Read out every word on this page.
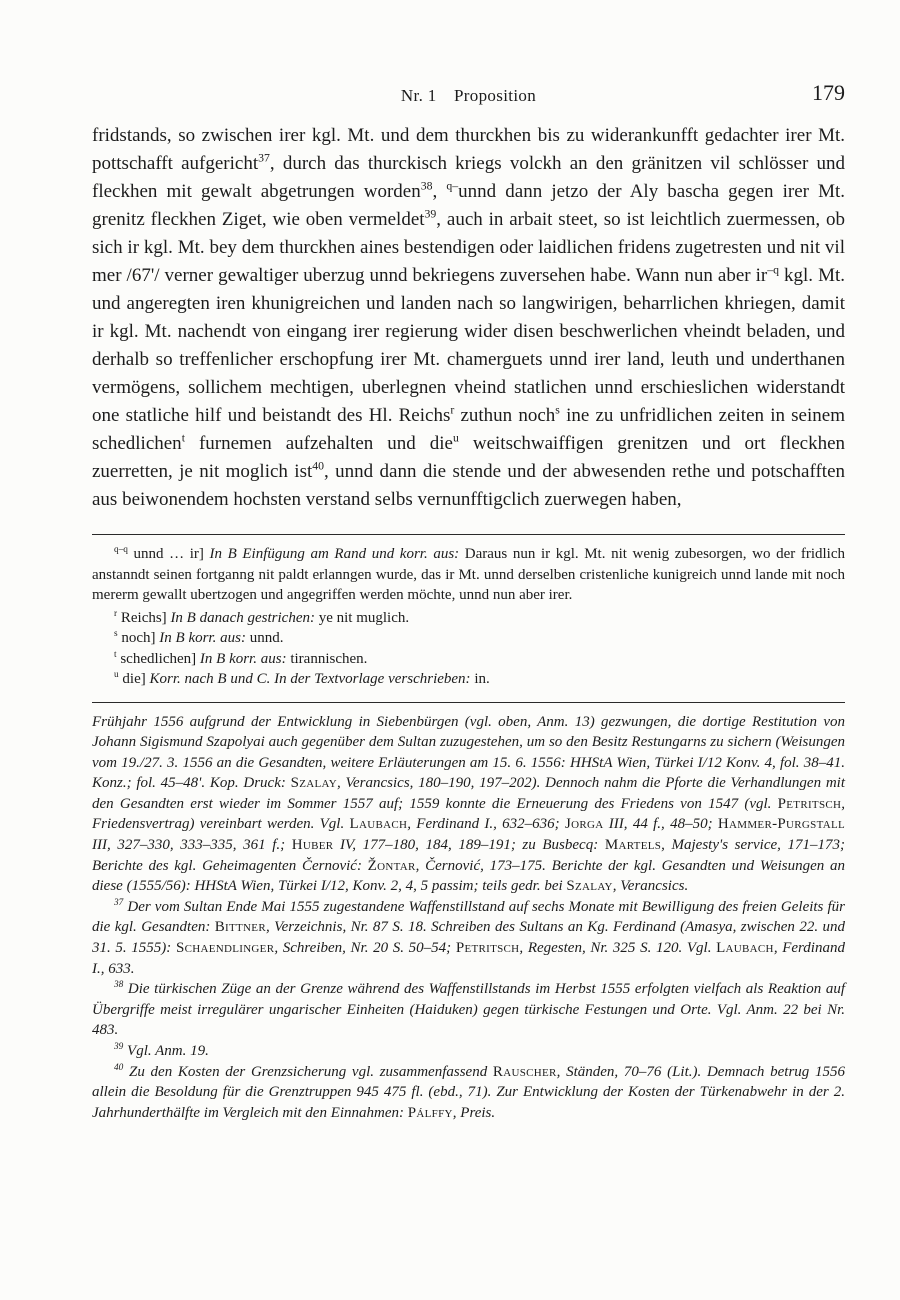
Nr. 1 Proposition	179
fridstands, so zwischen irer kgl. Mt. und dem thurckhen bis zu widerankunfft gedachter irer Mt. pottschafft aufgericht$^{37}$, durch das thurckisch kriegs volckh an den gränitzen vil schlösser und fleckhen mit gewalt abgetrungen worden$^{38}$, $^{q-}$unnd dann jetzo der Aly bascha gegen irer Mt. grenitz fleckhen Ziget, wie oben vermeldet$^{39}$, auch in arbait steet, so ist leichtlich zuermessen, ob sich ir kgl. Mt. bey dem thurckhen aines bestendigen oder laidlichen fridens zugetresten und nit vil mer /67'/ verner gewaltiger uberzug unnd bekriegens zuversehen habe. Wann nun aber $ir^{-q}$ kgl. Mt. und angeregten iren khunigreichen und landen nach so langwirigen, beharrlichen khriegen, damit ir kgl. Mt. nachendt von eingang irer regierung wider disen beschwerlichen vheindt beladen, und derhalb so treffenlicher erschopfung irer Mt. chamerguets unnd irer land, leuth und underthanen vermögens, sollichem mechtigen, uberlegnen vheind statlichen unnd erschieslichen widerstandt one statliche hilf und beistandt des Hl. Reichs$^r$ zuthun noch$^s$ ine zu unfridlichen zeiten in seinem schedlichen$^t$ furnemen aufzehalten und die$^u$ weitschwaiffigen grenitzen und ort fleckhen zuerretten, je nit moglich ist$^{40}$, unnd dann die stende und der abwesenden rethe und potschafften aus beiwonendem hochsten verstand selbs vernunfftigclich zuerwegen haben,

$^{q-q}$ unnd … ir] In B Einfügung am Rand und korr. aus: Daraus nun ir kgl. Mt. nit wenig zubesorgen, wo der fridlich anstanndt seinen fortganng nit paldt erlanngen wurde, das ir Mt. unnd derselben cristenliche kunigreich unnd lande mit noch mererm gewallt ubertzogen und angegriffen werden möchte, unnd nun aber irer.

$^r$ Reichs] In B danach gestrichen: ye nit muglich.

$^s$ noch] In B korr. aus: unnd.

$^t$ schedlichen] In B korr. aus: tirannischen.

$^u$ die] Korr. nach B und C. In der Textvorlage verschrieben: in.

Frühjahr 1556 aufgrund der Entwicklung in Siebenbürgen (vgl. oben, Anm. 13) gezwungen, die dortige Restitution von Johann Sigismund Szapolyai auch gegenüber dem Sultan zuzugestehen, um so den Besitz Restungarns zu sichern (Weisungen vom 19./27. 3. 1556 an die Gesandten, weitere Erläuterungen am 15. 6. 1556: HHStA Wien, Türkei I/12 Konv. 4, fol. 38–41. Konz.; fol. 45–48'. Kop. Druck: Szalay, Verancsics, 180–190, 197–202). Dennoch nahm die Pforte die Verhandlungen mit den Gesandten erst wieder im Sommer 1557 auf; 1559 konnte die Erneuerung des Friedens von 1547 (vgl. Petritsch, Friedensvertrag) vereinbart werden. Vgl. Laubach, Ferdinand I., 632–636; Jorga III, 44 f., 48–50; Hammer-Purgstall III, 327–330, 333–335, 361 f.; Huber IV, 177–180, 184, 189–191; zu Busbecq: Martels, Majesty's service, 171–173; Berichte des kgl. Geheimagenten Černović: Žontar, Černović, 173–175. Berichte der kgl. Gesandten und Weisungen an diese (1555/56): HHStA Wien, Türkei I/12, Konv. 2, 4, 5 passim; teils gedr. bei Szalay, Verancsics.

$^{37}$ Der vom Sultan Ende Mai 1555 zugestandene Waffenstillstand auf sechs Monate mit Bewilligung des freien Geleits für die kgl. Gesandten: Bittner, Verzeichnis, Nr. 87 S. 18. Schreiben des Sultans an Kg. Ferdinand (Amasya, zwischen 22. und 31. 5. 1555): Schaendlinger, Schreiben, Nr. 20 S. 50–54; Petritsch, Regesten, Nr. 325 S. 120. Vgl. Laubach, Ferdinand I., 633.

$^{38}$ Die türkischen Züge an der Grenze während des Waffenstillstands im Herbst 1555 erfolgten vielfach als Reaktion auf Übergriffe meist irregulärer ungarischer Einheiten (Haiduken) gegen türkische Festungen und Orte. Vgl. Anm. 22 bei Nr. 483.

$^{39}$ Vgl. Anm. 19.

$^{40}$ Zu den Kosten der Grenzsicherung vgl. zusammenfassend Rauscher, Ständen, 70–76 (Lit.). Demnach betrug 1556 allein die Besoldung für die Grenztruppen 945 475 fl. (ebd., 71). Zur Entwicklung der Kosten der Türkenabwehr in der 2. Jahrhunderthälfte im Vergleich mit den Einnahmen: Pálffy, Preis.
